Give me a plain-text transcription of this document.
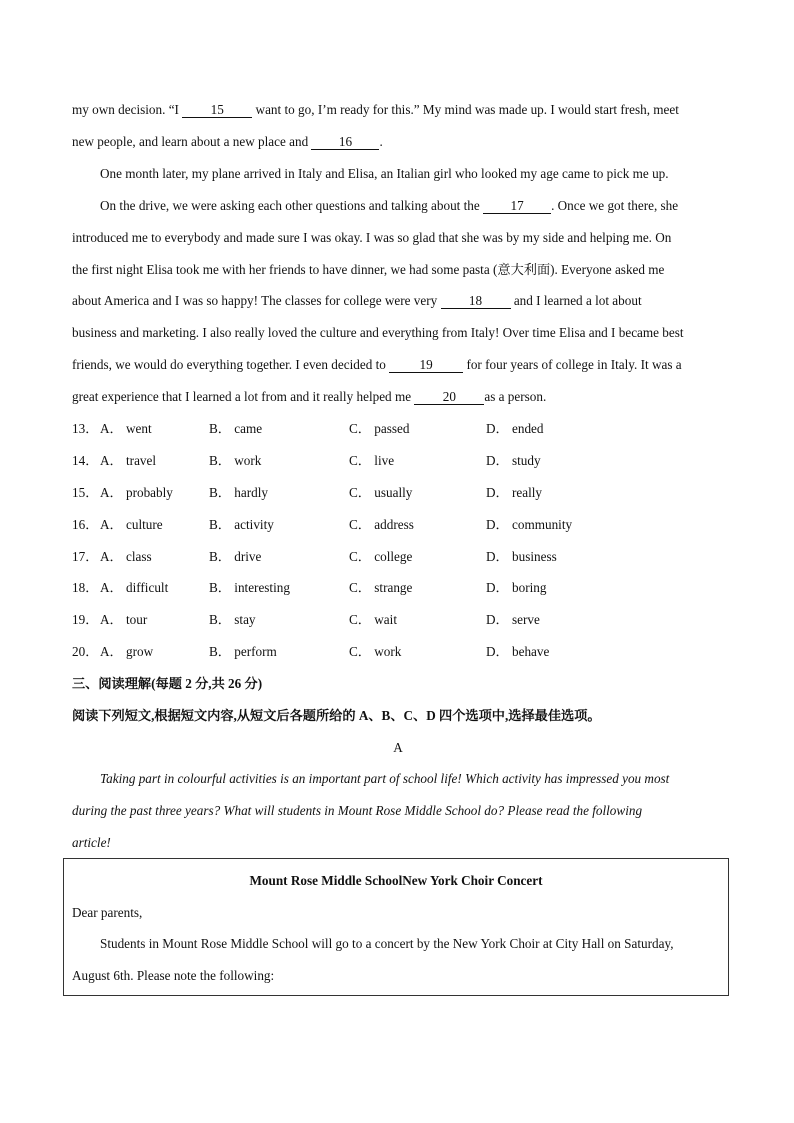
my own decision. “I 15 want to go, I’m ready for this.” My mind was made up. I would start fresh, meet
new people, and learn about a new place and 16 .
One month later, my plane arrived in Italy and Elisa, an Italian girl who looked my age came to pick me up.
On the drive, we were asking each other questions and talking about the 17 . Once we got there, she
introduced me to everybody and made sure I was okay. I was so glad that she was by my side and helping me. On
the first night Elisa took me with her friends to have dinner, we had some pasta (意大利面). Everyone asked me
about America and I was so happy! The classes for college were very 18 and I learned a lot about
business and marketing. I also really loved the culture and everything from Italy! Over time Elisa and I became best
friends, we would do everything together. I even decided to 19 for four years of college in Italy. It was a
great experience that I learned a lot from and it really helped me 20 as a person.
13． A． went	B． came	C． passed	D． ended
14． A． travel	B． work	C． live	D． study
15． A． probably	B． hardly	C． usually	D． really
16． A． culture	B． activity	C． address	D． community
17． A． class	B． drive	C． college	D． business
18． A． difficult	B． interesting	C． strange	D． boring
19． A． tour	B． stay	C． wait	D． serve
20． A． grow	B． perform	C． work	D． behave
三、阅读理解(每题 2 分,共 26 分)
阅读下列短文,根据短文内容,从短文后各题所给的 A、B、C、D 四个选项中,选择最佳选项。
A
Taking part in colourful activities is an important part of school life! Which activity has impressed you most
during the past three years? What will students in Mount Rose Middle School do? Please read the following
article!
Mount Rose Middle SchoolNew York Choir Concert
Dear parents,
Students in Mount Rose Middle School will go to a concert by the New York Choir at City Hall on Saturday,
August 6th. Please note the following:
